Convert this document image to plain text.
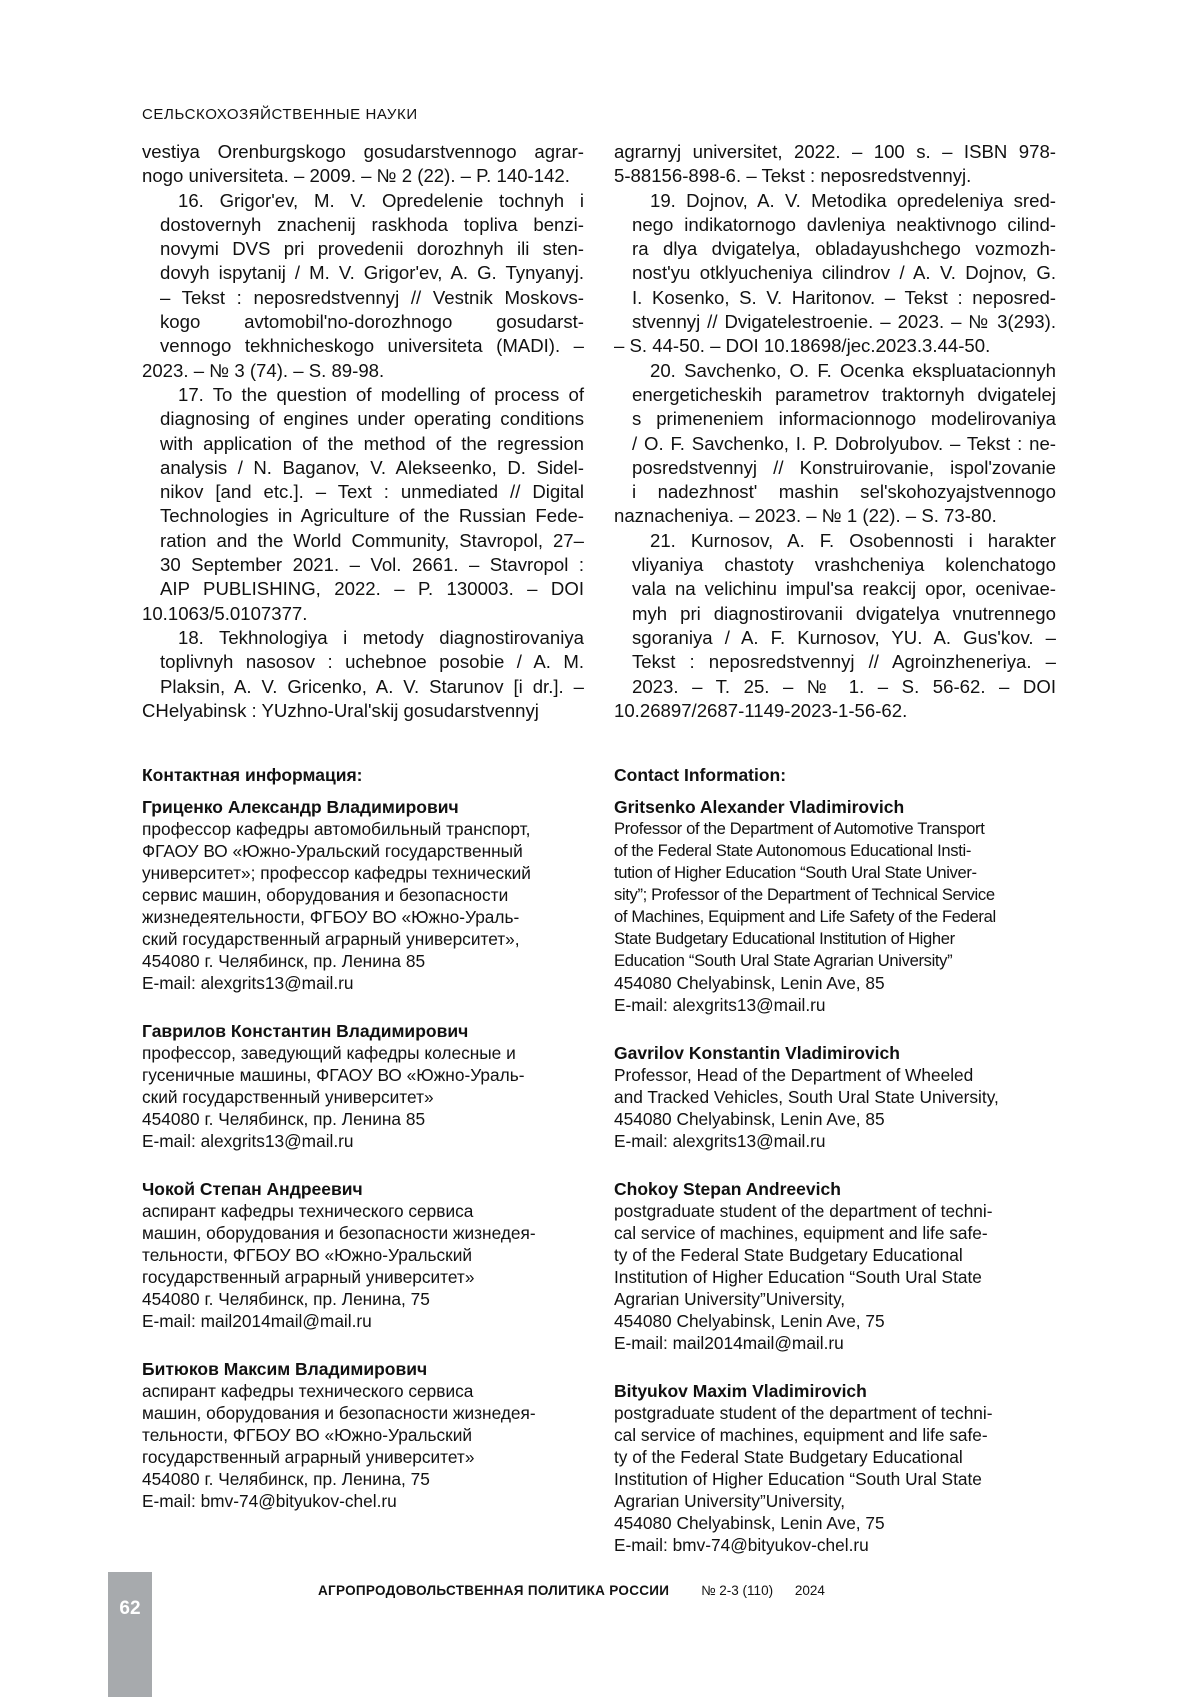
СЕЛЬСКОХОЗЯЙСТВЕННЫЕ НАУКИ

vestiya Orenburgskogo gosudarstvennogo agrar-
nogo universiteta. – 2009. – № 2 (22). – P. 140-142.

16. Grigor'ev, M. V. Opredelenie tochnyh i
dostovernyh znachenij raskhoda topliva benzi-
novymi DVS pri provedenii dorozhnyh ili sten-
dovyh ispytanij / M. V. Grigor'ev, A. G. Tynyanyj.
– Tekst : neposredstvennyj // Vestnik Moskovs-
kogo avtomobil'no-dorozhnogo gosudarst-
vennogo tekhnicheskogo universiteta (MADI). –
2023. – № 3 (74). – S. 89-98.

17. To the question of modelling of process of
diagnosing of engines under operating conditions
with application of the method of the regression
analysis / N. Baganov, V. Alekseenko, D. Sidel-
nikov [and etc.]. – Text : unmediated // Digital
Technologies in Agriculture of the Russian Fede-
ration and the World Community, Stavropol, 27–
30 September 2021. – Vol. 2661. – Stavropol :
AIP PUBLISHING, 2022. – P. 130003. – DOI
10.1063/5.0107377.

18. Tekhnologiya i metody diagnostirovaniya
toplivnyh nasosov : uchebnoe posobie / A. M.
Plaksin, A. V. Gricenko, A. V. Starunov [i dr.]. –
CHelyabinsk : YUzhno-Ural'skij gosudarstvennyj

agrarnyj universitet, 2022. – 100 s. – ISBN 978-
5-88156-898-6. – Tekst : neposredstvennyj.

19. Dojnov, A. V. Metodika opredeleniya sred-
nego indikatornogo davleniya neaktivnogo cilind-
ra dlya dvigatelya, obladayushchego vozmozh-
nost'yu otklyucheniya cilindrov / A. V. Dojnov, G.
I. Kosenko, S. V. Haritonov. – Tekst : neposred-
stvennyj // Dvigatelestroenie. – 2023. – № 3(293).
– S. 44-50. – DOI 10.18698/jec.2023.3.44-50.

20. Savchenko, O. F. Ocenka ekspluatacionnyh
energeticheskih parametrov traktornyh dvigatelej
s primeneniem informacionnogo modelirovaniya
/ O. F. Savchenko, I. P. Dobrolyubov. – Tekst : ne-
posredstvennyj // Konstruirovanie, ispol'zovanie
i nadezhnost' mashin sel'skohozyajstvennogo
naznacheniya. – 2023. – № 1 (22). – S. 73-80.

21. Kurnosov, A. F. Osobennosti i harakter
vliyaniya chastoty vrashcheniya kolenchatogo
vala na velichinu impul'sa reakcij opor, ocenivae-
myh pri diagnostirovanii dvigatelya vnutrennego
sgoraniya / A. F. Kurnosov, YU. A. Gus'kov. –
Tekst : neposredstvennyj // Agroinzheneriya. –
2023. – T. 25. – № 1. – S. 56-62. – DOI
10.26897/2687-1149-2023-1-56-62.

Контактная информация:

Гриценко Александр Владимирович

профессор кафедры автомобильный транспорт,

ФГАОУ ВО «Южно-Уральский государственный

университет»; профессор кафедры технический

сервис машин, оборудования и безопасности

жизнедеятельности, ФГБОУ ВО «Южно-Ураль-

ский государственный аграрный университет»,

454080 г. Челябинск, пр. Ленина 85

E-mail: alexgrits13@mail.ru

Гаврилов Константин Владимирович

профессор, заведующий кафедры колесные и

гусеничные машины, ФГАОУ ВО «Южно-Ураль-

ский государственный университет»

454080 г. Челябинск, пр. Ленина 85

E-mail: alexgrits13@mail.ru

Чокой Степан Андреевич

аспирант кафедры технического сервиса

машин, оборудования и безопасности жизнедея-

тельности, ФГБОУ ВО «Южно-Уральский

государственный аграрный университет»

454080 г. Челябинск, пр. Ленина, 75

E-mail: mail2014mail@mail.ru

Битюков Максим Владимирович

аспирант кафедры технического сервиса

машин, оборудования и безопасности жизнедея-

тельности, ФГБОУ ВО «Южно-Уральский

государственный аграрный университет»

454080 г. Челябинск, пр. Ленина, 75

E-mail: bmv-74@bityukov-chel.ru

Contact Information:

Gritsenko Alexander Vladimirovich

Professor of the Department of Automotive Transport

of the Federal State Autonomous Educational Insti-

tution of Higher Education “South Ural State Univer-

sity”; Professor of the Department of Technical Service

of Machines, Equipment and Life Safety of the Federal

State Budgetary Educational Institution of Higher

Education “South Ural State Agrarian University”

454080 Chelyabinsk, Lenin Ave, 85

E-mail: alexgrits13@mail.ru

Gavrilov Konstantin Vladimirovich

Professor, Head of the Department of Wheeled

and Tracked Vehicles, South Ural State University,

454080 Chelyabinsk, Lenin Ave, 85

E-mail: alexgrits13@mail.ru

Chokoy Stepan Andreevich

postgraduate student of the department of techni-

cal service of machines, equipment and life safe-

ty of the Federal State Budgetary Educational

Institution of Higher Education “South Ural State

Agrarian University”University,

454080 Chelyabinsk, Lenin Ave, 75

E-mail: mail2014mail@mail.ru

Bityukov Maxim Vladimirovich

postgraduate student of the department of techni-

cal service of machines, equipment and life safe-

ty of the Federal State Budgetary Educational

Institution of Higher Education “South Ural State

Agrarian University”University,

454080 Chelyabinsk, Lenin Ave, 75

E-mail: bmv-74@bityukov-chel.ru

62
АГРОПРОДОВОЛЬСТВЕННАЯ ПОЛИТИКА РОССИИ № 2-3 (110) 2024
